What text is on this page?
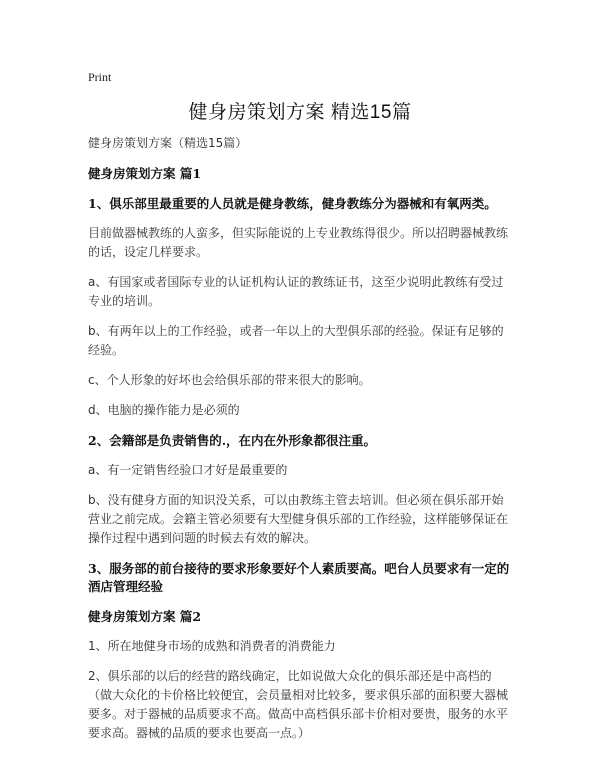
Print
健身房策划方案 精选15篇
健身房策划方案（精选15篇）
健身房策划方案 篇1
1、俱乐部里最重要的人员就是健身教练，健身教练分为器械和有氧两类。
目前做器械教练的人蛮多，但实际能说的上专业教练得很少。所以招聘器械教练的话，设定几样要求。
a、有国家或者国际专业的认证机构认证的教练证书，这至少说明此教练有受过专业的培训。
b、有两年以上的工作经验，或者一年以上的大型俱乐部的经验。保证有足够的经验。
c、个人形象的好坏也会给俱乐部的带来很大的影响。
d、电脑的操作能力是必须的
2、会籍部是负责销售的.，在内在外形象都很注重。
a、有一定销售经验口才好是最重要的
b、没有健身方面的知识没关系，可以由教练主管去培训。但必须在俱乐部开始营业之前完成。会籍主管必须要有大型健身俱乐部的工作经验，这样能够保证在操作过程中遇到问题的时候去有效的解决。
3、服务部的前台接待的要求形象要好个人素质要高。吧台人员要求有一定的酒店管理经验
健身房策划方案 篇2
1、所在地健身市场的成熟和消费者的消费能力
2、俱乐部的以后的经营的路线确定，比如说做大众化的俱乐部还是中高档的（做大众化的卡价格比较便宜，会员量相对比较多，要求俱乐部的面积要大器械要多。对于器械的品质要求不高。做高中高档俱乐部卡价相对要贵，服务的水平要求高。器械的品质的要求也要高一点。）
